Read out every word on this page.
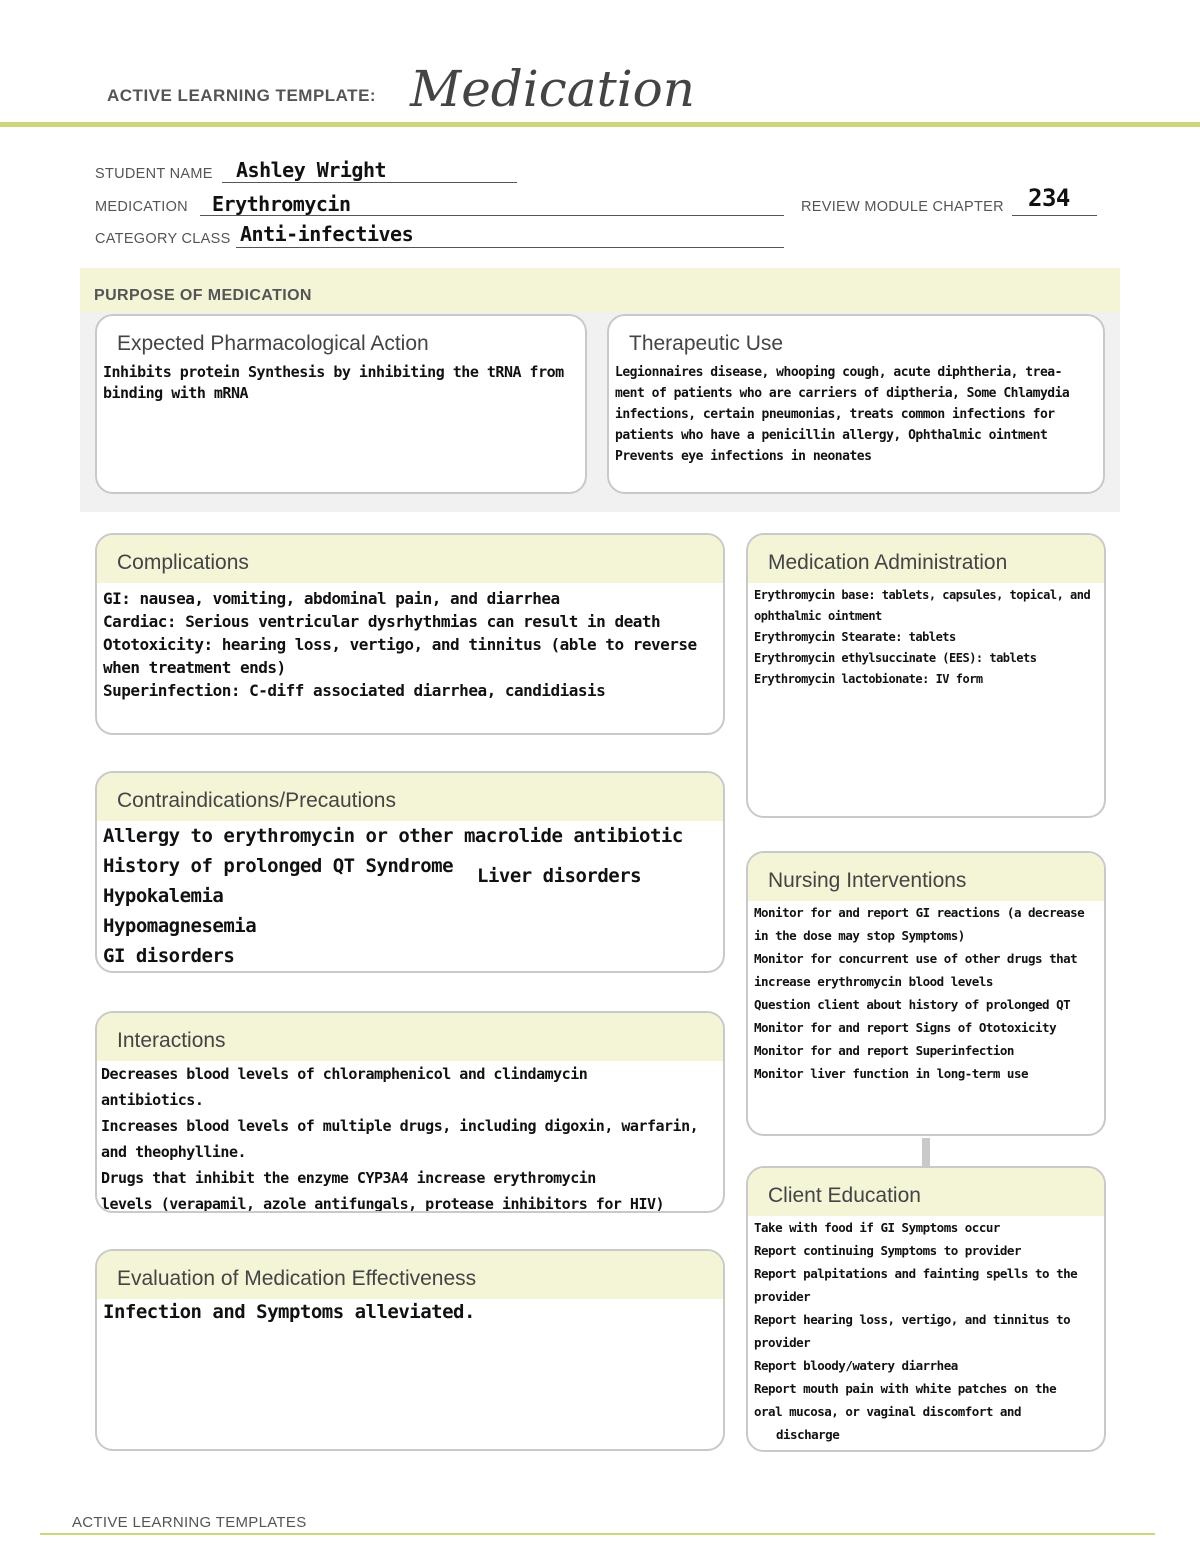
ACTIVE LEARNING TEMPLATE: Medication
STUDENT NAME Ashley Wright
MEDICATION Erythromycin	REVIEW MODULE CHAPTER 234
CATEGORY CLASS Anti-infectives
PURPOSE OF MEDICATION
Expected Pharmacological Action
Inhibits protein Synthesis by inhibiting the tRNA from
binding with mRNA
Therapeutic Use
Legionnaires disease, whooping cough, acute diphtheria, trea-
ment of patients who are carriers of diptheria, Some Chlamydia
infections, certain pneumonias, treats common infections for
patients who have a penicillin allergy, Ophthalmic ointment
Prevents eye infections in neonates
Complications
GI: nausea, vomiting, abdominal pain, and diarrhea
Cardiac: Serious ventricular dysrhythmias can result in death
Ototoxicity: hearing loss, vertigo, and tinnitus (able to reverse
when treatment ends)
Superinfection: C-diff associated diarrhea, candidiasis
Medication Administration
Erythromycin base: tablets, capsules, topical, and
ophthalmic ointment
Erythromycin Stearate: tablets
Erythromycin ethylsuccinate (EES): tablets
Erythromycin lactobionate: IV form
Contraindications/Precautions
Allergy to erythromycin or other macrolide antibiotic
History of prolonged QT Syndrome
Hypokalemia
Hypomagnesemia
GI disorders
Liver disorders	Nursing Interventions
Monitor for and report GI reactions (a decrease
in the dose may stop Symptoms)
Monitor for concurrent use of other drugs that
increase erythromycin blood levels
Question client about history of prolonged QT
Monitor for and report Signs of Ototoxicity
Monitor for and report Superinfection
Monitor liver function in long-term use
Interactions
Decreases blood levels of chloramphenicol and clindamycin
antibiotics.
Increases blood levels of multiple drugs, including digoxin, warfarin,
and theophylline.
Drugs that inhibit the enzyme CYP3A4 increase erythromycin
levels (verapamil, azole antifungals, protease inhibitors for HIV)	Client Education
Take with food if GI Symptoms occur
Report continuing Symptoms to provider
Report palpitations and fainting spells to the
provider
Report hearing loss, vertigo, and tinnitus to
provider
Report bloody/watery diarrhea
Report mouth pain with white patches on the
oral mucosa, or vaginal discomfort and
discharge
Evaluation of Medication Effectiveness
Infection and Symptoms alleviated.
ACTIVE LEARNING TEMPLATES
